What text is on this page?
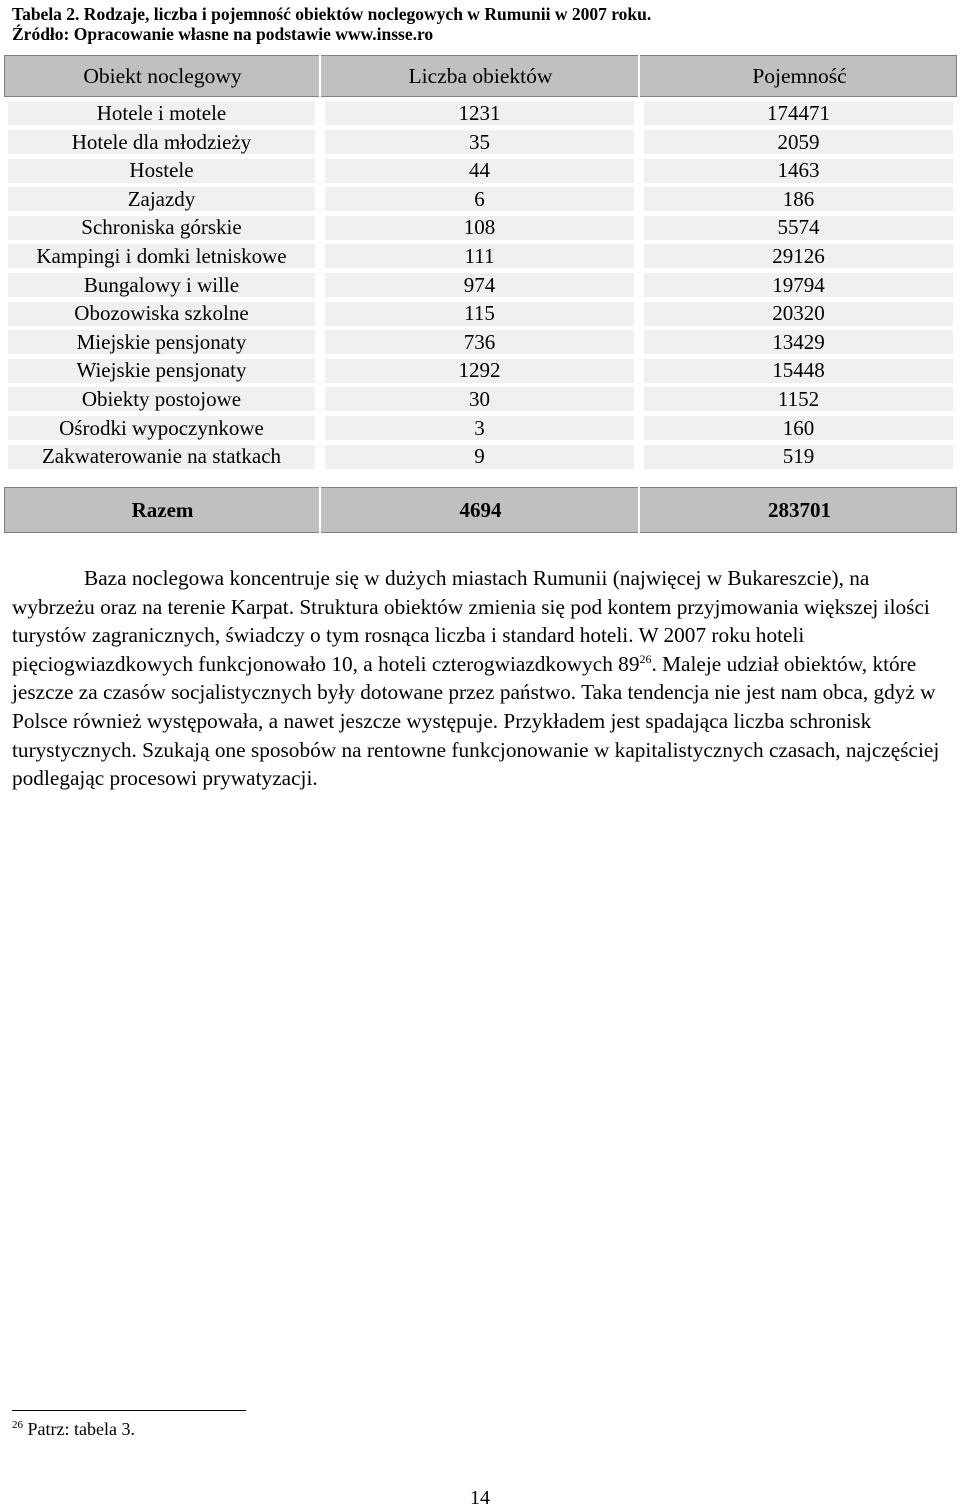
Tabela 2. Rodzaje, liczba i pojemność obiektów noclegowych w Rumunii w 2007 roku.
Źródło: Opracowanie własne na podstawie www.insse.ro
Obiekt noclegowy	Liczba obiektów	Pojemność
Hotele i motele	1231	174471
Hotele dla młodzieży	35	2059
Hostele	44	1463
Zajazdy	6	186
Schroniska górskie	108	5574
Kampingi i domki letniskowe	111	29126
Bungalowy i wille	974	19794
Obozowiska szkolne	115	20320
Miejskie pensjonaty	736	13429
Wiejskie pensjonaty	1292	15448
Obiekty postojowe	30	1152
Ośrodki wypoczynkowe	3	160
Zakwaterowanie na statkach	9	519
Razem	4694	283701

Baza noclegowa koncentruje się w dużych miastach Rumunii (najwięcej w Bukareszcie), na wybrzeżu oraz na terenie Karpat. Struktura obiektów zmienia się pod kontem przyjmowania większej ilości turystów zagranicznych, świadczy o tym rosnąca liczba i standard hoteli. W 2007 roku hoteli pięciogwiazdkowych funkcjonowało 10, a hoteli czterogwiazdkowych $89^{26}$. Maleje udział obiektów, które jeszcze za czasów socjalistycznych były dotowane przez państwo. Taka tendencja nie jest nam obca, gdyż w Polsce również występowała, a nawet jeszcze występuje. Przykładem jest spadająca liczba schronisk turystycznych. Szukają one sposobów na rentowne funkcjonowanie w kapitalistycznych czasach, najczęściej podlegając procesowi prywatyzacji.

$^{26}$ Patrz: tabela 3.
14
